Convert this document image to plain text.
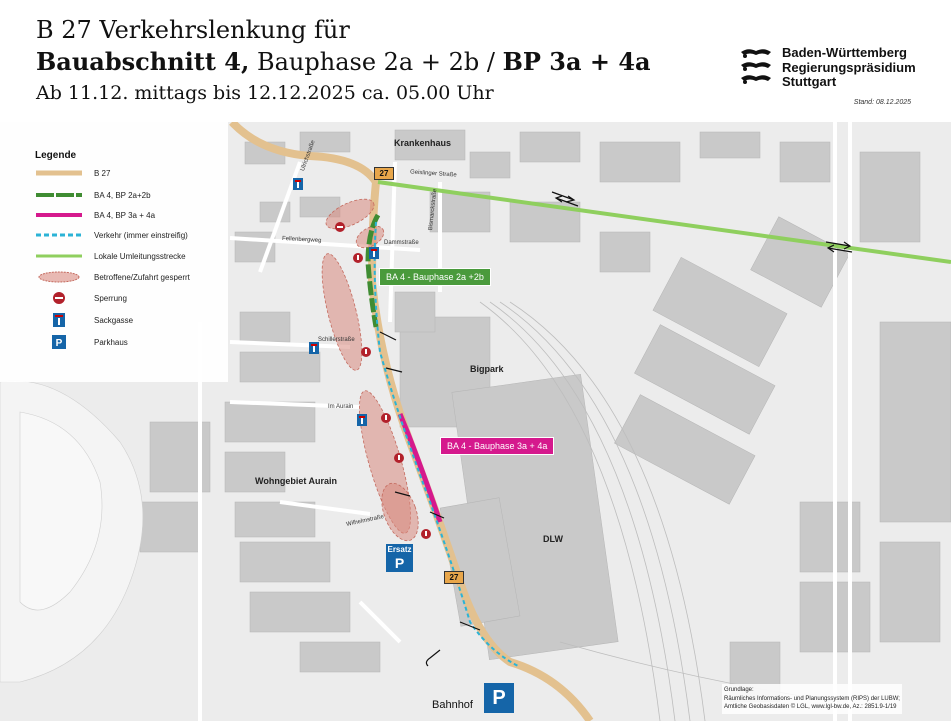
B 27 Verkehrslenkung für
Bauabschnitt 4, Bauphase 2a + 2b / BP 3a + 4a
Ab 11.12. mittags bis 12.12.2025 ca. 05.00 Uhr
Baden-Württemberg
Regierungspräsidium
Stuttgart
Stand: 08.12.2025
Krankenhaus
Bigpark
DLW
Wohngebiet Aurain
Ulrichstraße
Geislinger Straße
Bismarckstraße
Fellenbergweg	Dammstraße
Schillerstraße
Im Aurain
Wilhelmstraße
27
27
BA 4 - Bauphase 2a +2b
BA 4 - Bauphase 3a + 4a
Ersatz
P
P
Bahnhof
Legende
B 27
BA 4, BP 2a+2b
BA 4, BP 3a + 4a
Verkehr (immer einstreifig)
Lokale Umleitungsstrecke
Betroffene/Zufahrt gesperrt
Sperrung
Sackgasse
P	Parkhaus
Grundlage:
Räumliches Informations- und Planungssystem (RIPS) der LUBW;
Amtliche Geobasisdaten © LGL, www.lgl-bw.de, Az.: 2851.9-1/19
